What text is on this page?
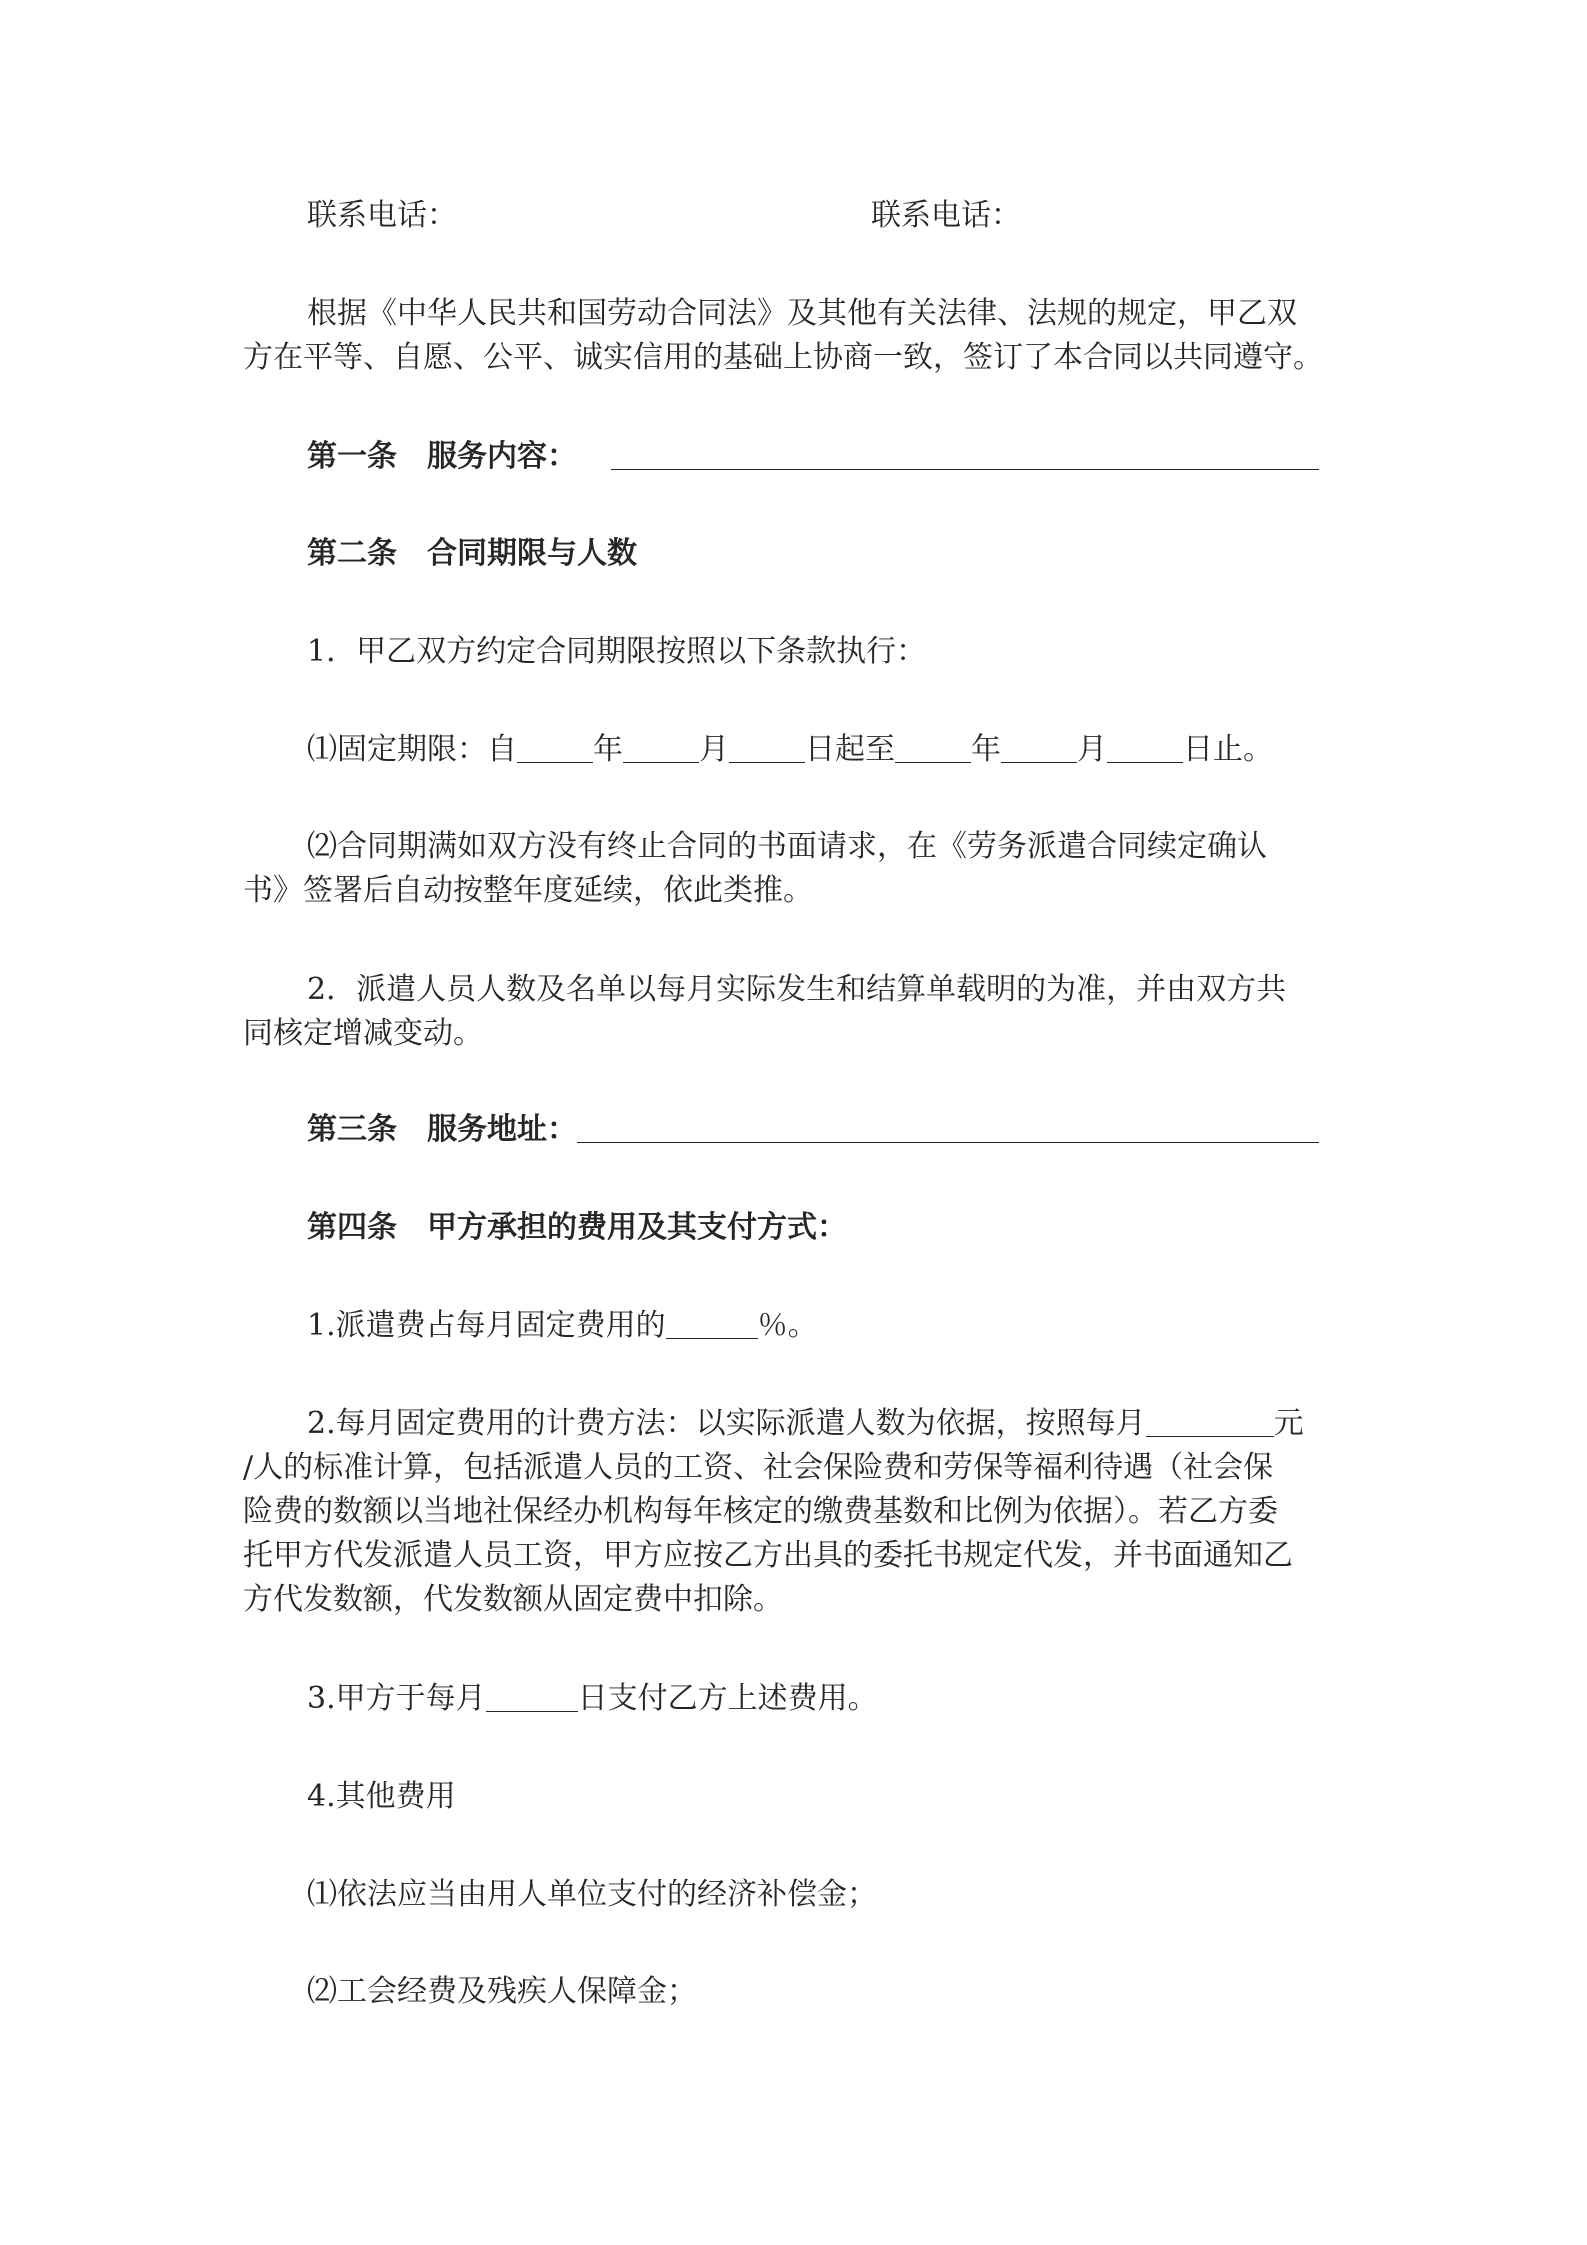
联系电话：	联系电话：
根据《中华人民共和国劳动合同法》及其他有关法律、法规的规定，甲乙双
方在平等、自愿、公平、诚实信用的基础上协商一致，签订了本合同以共同遵守。
第一条 服务内容：
第二条 合同期限与人数
1．甲乙双方约定合同期限按照以下条款执行：
⑴固定期限：自	年	月	日起至	年	月	日止。
⑵合同期满如双方没有终止合同的书面请求，在《劳务派遣合同续定确认
书》签署后自动按整年度延续，依此类推。
2．派遣人员人数及名单以每月实际发生和结算单载明的为准，并由双方共
同核定增减变动。
第三条 服务地址：
第四条 甲方承担的费用及其支付方式：
1.派遣费占每月固定费用的	％。
2.每月固定费用的计费方法：以实际派遣人数为依据，按照每月	元
/人的标准计算，包括派遣人员的工资、社会保险费和劳保等福利待遇（社会保
险费的数额以当地社保经办机构每年核定的缴费基数和比例为依据）。若乙方委
托甲方代发派遣人员工资，甲方应按乙方出具的委托书规定代发，并书面通知乙
方代发数额，代发数额从固定费中扣除。
3.甲方于每月	日支付乙方上述费用。
4.其他费用
⑴依法应当由用人单位支付的经济补偿金；
⑵工会经费及残疾人保障金；
